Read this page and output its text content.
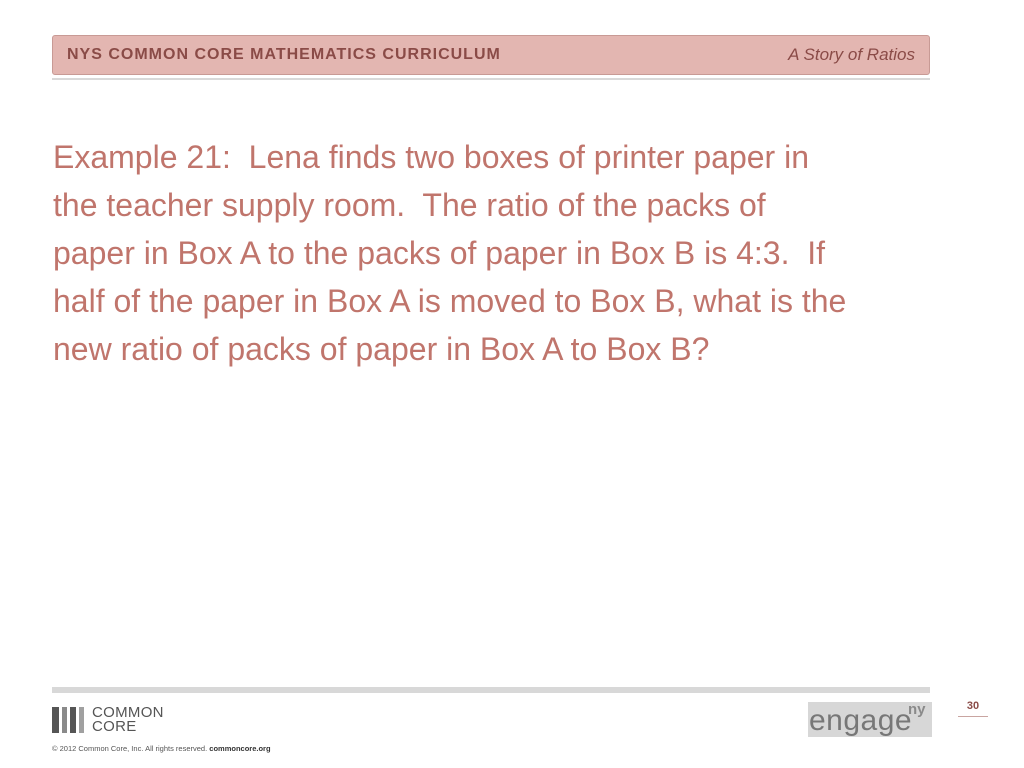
NYS COMMON CORE MATHEMATICS CURRICULUM	A Story of Ratios
Example 21:  Lena finds two boxes of printer paper in
the teacher supply room.  The ratio of the packs of
paper in Box A to the packs of paper in Box B is 4:3.  If
half of the paper in Box A is moved to Box B, what is the
new ratio of packs of paper in Box A to Box B?
COMMON
CORE
© 2012 Common Core, Inc. All rights reserved. commoncore.org
engage
ny	30
